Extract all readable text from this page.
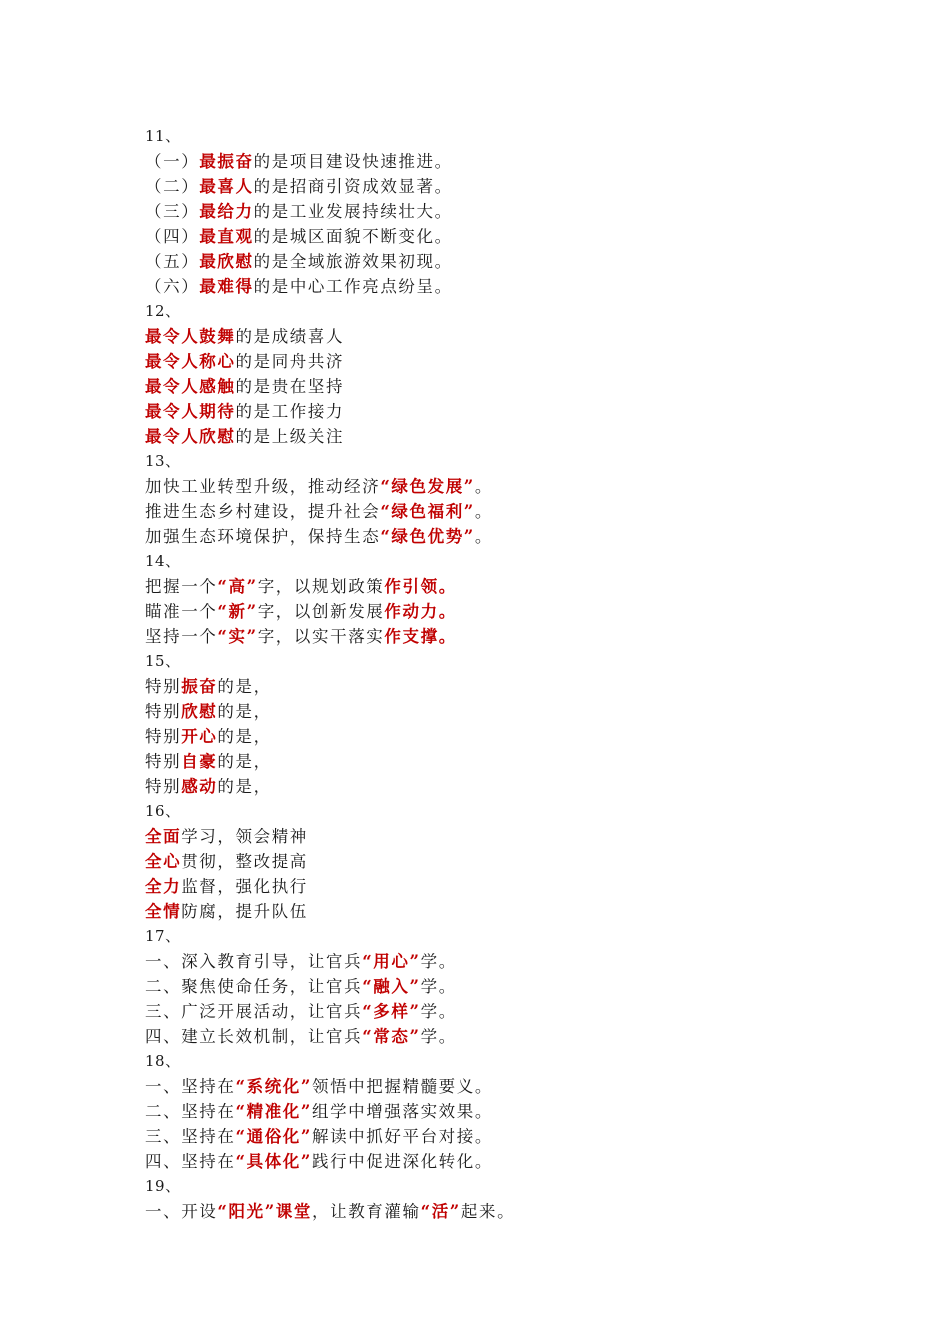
11、
（一）最振奋的是项目建设快速推进。
（二）最喜人的是招商引资成效显著。
（三）最给力的是工业发展持续壮大。
（四）最直观的是城区面貌不断变化。
（五）最欣慰的是全域旅游效果初现。
（六）最难得的是中心工作亮点纷呈。
12、
最令人鼓舞的是成绩喜人
最令人称心的是同舟共济
最令人感触的是贵在坚持
最令人期待的是工作接力
最令人欣慰的是上级关注
13、
加快工业转型升级，推动经济“绿色发展”。
推进生态乡村建设，提升社会“绿色福利”。
加强生态环境保护，保持生态“绿色优势”。
14、
把握一个“高”字，以规划政策作引领。
瞄准一个“新”字，以创新发展作动力。
坚持一个“实”字，以实干落实作支撑。
15、
特别振奋的是，
特别欣慰的是，
特别开心的是，
特别自豪的是，
特别感动的是，
16、
全面学习，领会精神
全心贯彻，整改提高
全力监督，强化执行
全情防腐，提升队伍
17、
一、深入教育引导，让官兵“用心”学。
二、聚焦使命任务，让官兵“融入”学。
三、广泛开展活动，让官兵“多样”学。
四、建立长效机制，让官兵“常态”学。
18、
一、坚持在“系统化”领悟中把握精髓要义。
二、坚持在“精准化”组学中增强落实效果。
三、坚持在“通俗化”解读中抓好平台对接。
四、坚持在“具体化”践行中促进深化转化。
19、
一、开设“阳光”课堂，让教育灌输“活”起来。
